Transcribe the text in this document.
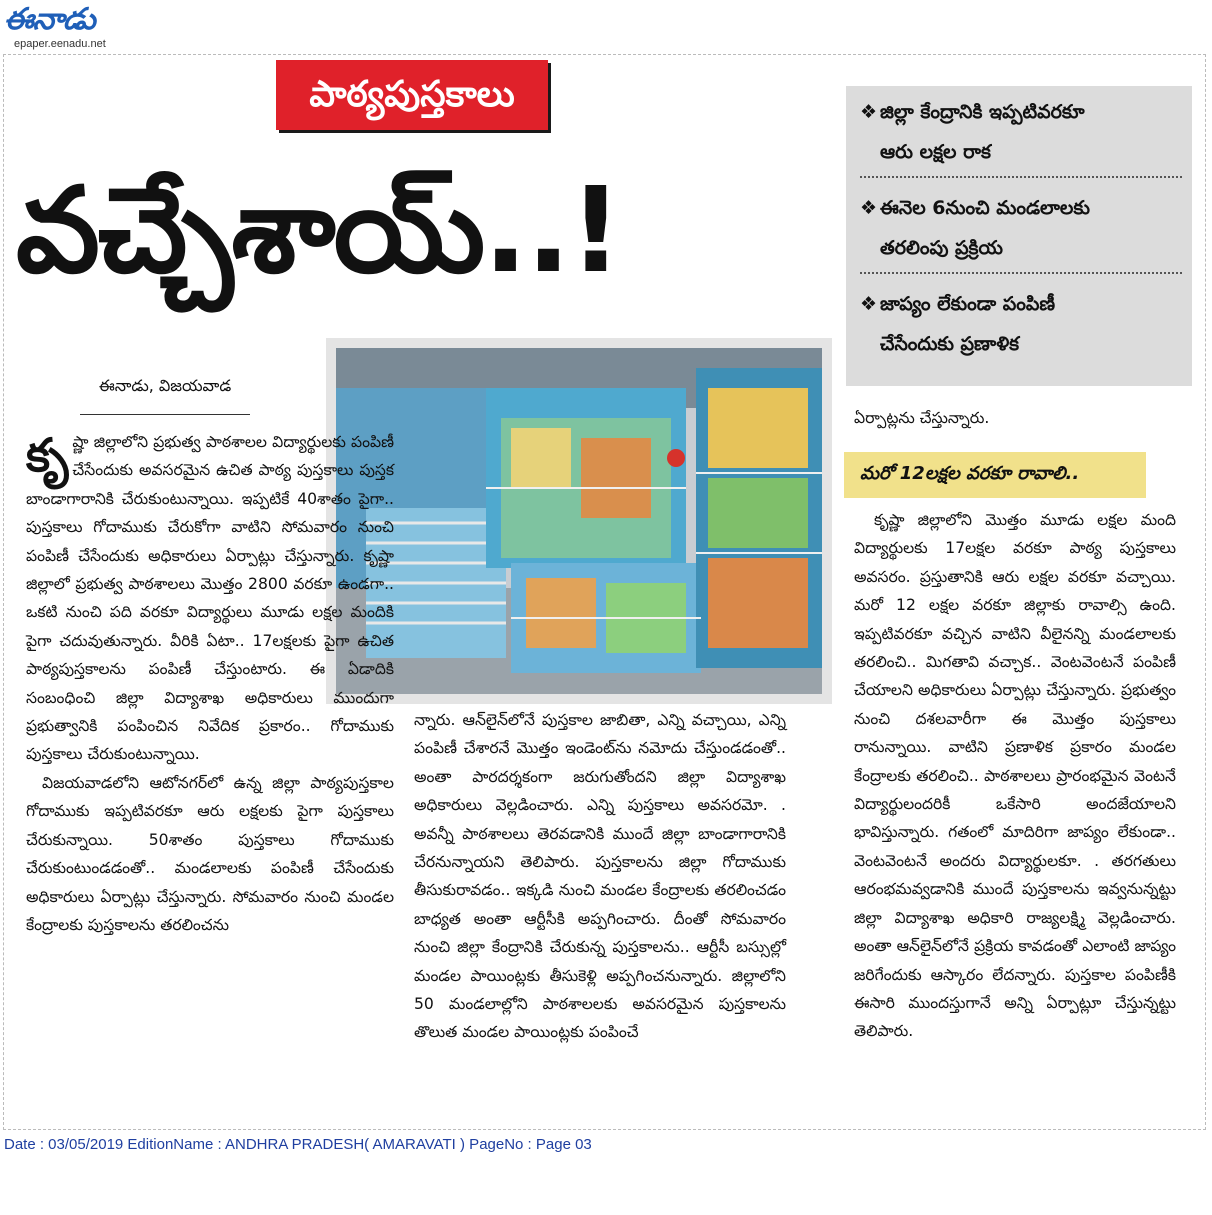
ఈనాడు
epaper.eenadu.net
పాఠ్యపుస్తకాలు
వచ్చేశాయ్‌..!
❖ జిల్లా కేంద్రానికి ఇప్పటివరకూ
ఆరు లక్షల రాక
❖ ఈనెల 6నుంచి మండలాలకు
తరలింపు ప్రక్రియ
❖ జాప్యం లేకుండా పంపిణీ
చేసేందుకు ప్రణాళిక
ఈనాడు, విజయవాడ

కృష్ణా జిల్లాలోని ప్రభుత్వ పాఠశాలల విద్యార్థులకు పంపిణీ చేసేందుకు అవసరమైన ఉచిత పాఠ్య పుస్తకాలు పుస్తక బాండాగారానికి చేరుకుంటున్నాయి. ఇప్పటికే 40శాతం పైగా.. పుస్తకాలు గోదాముకు చేరుకోగా వాటిని సోమవారం నుంచి పంపిణీ చేసేందుకు అధికారులు ఏర్పాట్లు చేస్తున్నారు. కృష్ణా జిల్లాలో ప్రభుత్వ పాఠశాలలు మొత్తం 2800 వరకూ ఉండగా.. ఒకటి నుంచి పది వరకూ విద్యార్థులు మూడు లక్షల మందికి పైగా చదువుతున్నారు. వీరికి ఏటా.. 17లక్షలకు పైగా ఉచిత పాఠ్యపుస్తకాలను పంపిణీ చేస్తుంటారు. ఈ ఏడాదికి సంబంధించి జిల్లా విద్యాశాఖ అధికారులు ముందుగా ప్రభుత్వానికి పంపించిన నివేదిక ప్రకారం.. గోదాముకు పుస్తకాలు చేరుకుంటున్నాయి.

విజయవాడలోని ఆటోనగర్‌లో ఉన్న జిల్లా పాఠ్యపుస్తకాల గోదాముకు ఇప్పటివరకూ ఆరు లక్షలకు పైగా పుస్తకాలు చేరుకున్నాయి. 50శాతం పుస్తకాలు గోదాముకు చేరుకుంటుండడంతో.. మండలాలకు పంపిణీ చేసేందుకు అధికారులు ఏర్పాట్లు చేస్తున్నారు. సోమవారం నుంచి మండల కేంద్రాలకు పుస్తకాలను తరలించను

న్నారు. ఆన్‌లైన్‌లోనే పుస్తకాల జాబితా, ఎన్ని వచ్చాయి, ఎన్ని పంపిణీ చేశారనే మొత్తం ఇండెంట్‌ను నమోదు చేస్తుండడంతో.. అంతా పారదర్శకంగా జరుగుతోందని జిల్లా విద్యాశాఖ అధికారులు వెల్లడించారు. ఎన్ని పుస్తకాలు అవసరమో. . అవన్నీ పాఠశాలలు తెరవడానికి ముందే జిల్లా బాండాగారానికి చేరనున్నాయని తెలిపారు. పుస్తకాలను జిల్లా గోదాముకు తీసుకురావడం.. ఇక్కడి నుంచి మండల కేంద్రాలకు తరలించడం బాధ్యత అంతా ఆర్టీసీకి అప్పగించారు. దీంతో సోమవారం నుంచి జిల్లా కేంద్రానికి చేరుకున్న పుస్తకాలను.. ఆర్టీసీ బస్సుల్లో మండల పాయింట్లకు తీసుకెళ్లి అప్పగించనున్నారు. జిల్లాలోని 50 మండలాల్లోని పాఠశాలలకు అవసరమైన పుస్తకాలను తొలుత మండల పాయింట్లకు పంపించే

ఏర్పాట్లను చేస్తున్నారు.
మరో 12లక్షల వరకూ రావాలి..

కృష్ణా జిల్లాలోని మొత్తం మూడు లక్షల మంది విద్యార్థులకు 17లక్షల వరకూ పాఠ్య పుస్తకాలు అవసరం. ప్రస్తుతానికి ఆరు లక్షల వరకూ వచ్చాయి. మరో 12 లక్షల వరకూ జిల్లాకు రావాల్సి ఉంది. ఇప్పటివరకూ వచ్చిన వాటిని వీలైనన్ని మండలాలకు తరలించి.. మిగతావి వచ్చాక.. వెంటవెంటనే పంపిణీ చేయాలని అధికారులు ఏర్పాట్లు చేస్తున్నారు. ప్రభుత్వం నుంచి దశలవారీగా ఈ మొత్తం పుస్తకాలు రానున్నాయి. వాటిని ప్రణాళిక ప్రకారం మండల కేంద్రాలకు తరలించి.. పాఠశాలలు ప్రారంభమైన వెంటనే విద్యార్థులందరికీ ఒకేసారి అందజేయాలని భావిస్తున్నారు. గతంలో మాదిరిగా జాప్యం లేకుండా.. వెంటవెంటనే అందరు విద్యార్థులకూ. . తరగతులు ఆరంభమవ్వడానికి ముందే పుస్తకాలను ఇవ్వనున్నట్టు జిల్లా విద్యాశాఖ అధికారి రాజ్యలక్ష్మి వెల్లడించారు. అంతా ఆన్‌లైన్‌లోనే ప్రక్రియ కావడంతో ఎలాంటి జాప్యం జరిగేందుకు ఆస్కారం లేదన్నారు. పుస్తకాల పంపిణీకి ఈసారి ముందస్తుగానే అన్ని ఏర్పాట్లూ చేస్తున్నట్టు తెలిపారు.

Date : 03/05/2019 EditionName : ANDHRA PRADESH( AMARAVATI ) PageNo : Page 03
